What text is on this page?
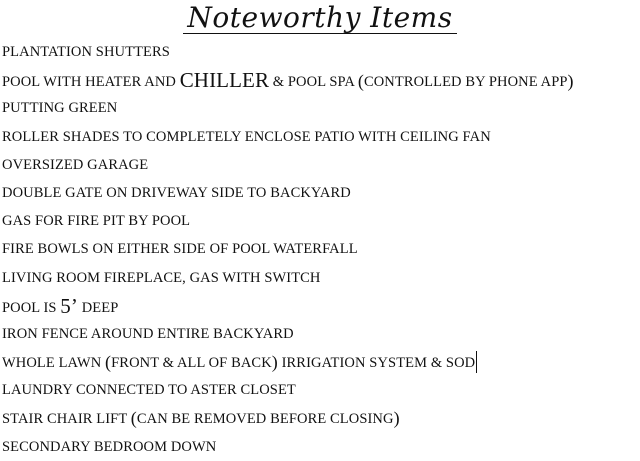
Noteworthy Items
PLANTATION SHUTTERS
POOL WITH HEATER AND CHILLER & POOL SPA (CONTROLLED BY PHONE APP)
PUTTING GREEN
ROLLER SHADES TO COMPLETELY ENCLOSE PATIO WITH CEILING FAN
OVERSIZED GARAGE
DOUBLE GATE ON DRIVEWAY SIDE TO BACKYARD
GAS FOR FIRE PIT BY POOL
FIRE BOWLS ON EITHER SIDE OF POOL WATERFALL
LIVING ROOM FIREPLACE, GAS WITH SWITCH
POOL IS 5’ DEEP
IRON FENCE AROUND ENTIRE BACKYARD
WHOLE LAWN (FRONT & ALL OF BACK) IRRIGATION SYSTEM & SOD
LAUNDRY CONNECTED TO ASTER CLOSET
STAIR CHAIR LIFT (CAN BE REMOVED BEFORE CLOSING)
SECONDARY BEDROOM DOWN
